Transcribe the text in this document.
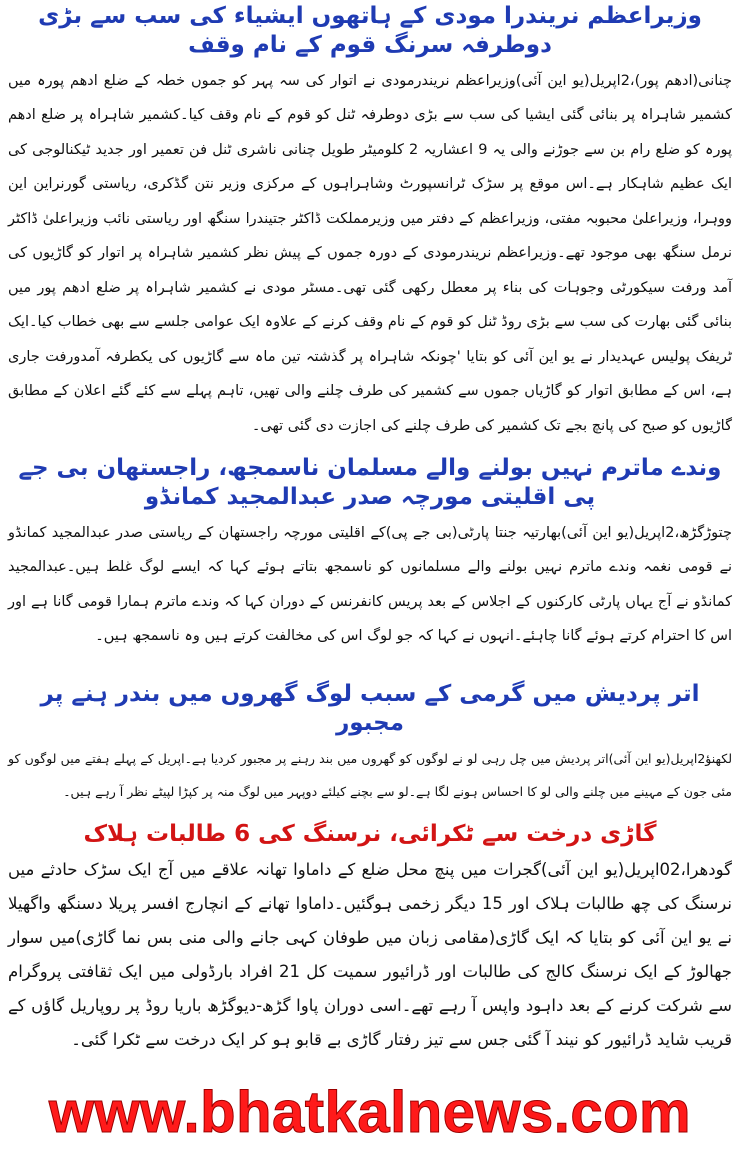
وزیراعظم نریندرا مودی کے ہاتھوں ایشیاء کی سب سے بڑی دوطرفہ سرنگ قوم کے نام وقف

چنانی(ادھم پور)،2اپریل(یو این آئی)وزیراعظم نریندرمودی نے اتوار کی سہ پہر کو جموں خطہ کے ضلع ادھم پورہ میں کشمیر شاہراہ پر بنائی گئی ایشیا کی سب سے بڑی دوطرفہ ٹنل کو قوم کے نام وقف کیا۔کشمیر شاہراہ پر ضلع ادھم پورہ کو ضلع رام بن سے جوڑنے والی یہ 9 اعشاریہ 2 کلومیٹر طویل چنانی ناشری ٹنل فن تعمیر اور جدید ٹیکنالوجی کی ایک عظیم شاہکار ہے۔اس موقع پر سڑک ٹرانسپورٹ وشاہراہوں کے مرکزی وزیر نتن گڈکری، ریاستی گورنراین این ووہرا، وزیراعلیٰ محبوبہ مفتی، وزیراعظم کے دفتر میں وزیرمملکت ڈاکٹر جتیندرا سنگھ اور ریاستی نائب وزیراعلیٰ ڈاکٹر نرمل سنگھ بھی موجود تھے۔وزیراعظم نریندرمودی کے دورہ جموں کے پیش نظر کشمیر شاہراہ پر اتوار کو گاڑیوں کی آمد ورفت سیکورٹی وجوہات کی بناء پر معطل رکھی گئی تھی۔مسٹر مودی نے کشمیر شاہراہ پر ضلع ادھم پور میں بنائی گئی بھارت کی سب سے بڑی روڈ ٹنل کو قوم کے نام وقف کرنے کے علاوہ ایک عوامی جلسے سے بھی خطاب کیا۔ایک ٹریفک پولیس عہدیدار نے یو این آئی کو بتایا 'چونکہ شاہراہ پر گذشتہ تین ماہ سے گاڑیوں کی یکطرفہ آمدورفت جاری ہے، اس کے مطابق اتوار کو گاڑیاں جموں سے کشمیر کی طرف چلنے والی تھیں، تاہم پہلے سے کئے گئے اعلان کے مطابق گاڑیوں کو صبح کی پانچ بجے تک کشمیر کی طرف چلنے کی اجازت دی گئی تھی۔

وندے ماترم نہیں بولنے والے مسلمان ناسمجھ، راجستھان بی جے پی اقلیتی مورچہ صدر عبدالمجید کمانڈو

چتوڑگڑھ،2اپریل(یو این آئی)بھارتیہ جنتا پارٹی(بی جے پی)کے اقلیتی مورچہ راجستھان کے ریاستی صدر عبدالمجید کمانڈو نے قومی نغمہ وندے ماترم نہیں بولنے والے مسلمانوں کو ناسمجھ بتاتے ہوئے کہا کہ ایسے لوگ غلط ہیں۔عبدالمجید کمانڈو نے آج یہاں پارٹی کارکنوں کے اجلاس کے بعد پریس کانفرنس کے دوران کہا کہ وندے ماترم ہمارا قومی گانا ہے اور اس کا احترام کرتے ہوئے گانا چاہئے۔انہوں نے کہا کہ جو لوگ اس کی مخالفت کرتے ہیں وہ ناسمجھ ہیں۔

اتر پردیش میں گرمی کے سبب لوگ گھروں میں بندر ہنے پر مجبور

لکھنؤ2اپریل(یو این آئی)اتر پردیش میں چل رہی لو نے لوگوں کو گھروں میں بند رہنے پر مجبور کردیا ہے۔اپریل کے پہلے ہفتے میں لوگوں کو مئی جون کے مہینے میں چلنے والی لو کا احساس ہونے لگا ہے۔لو سے بچنے کیلئے دوپہر میں لوگ منہ پر کپڑا لپیٹے نظر آ رہے ہیں۔

گاڑی درخت سے ٹکرائی، نرسنگ کی 6 طالبات ہلاک

گودھرا،02اپریل(یو این آئی)گجرات میں پنچ محل ضلع کے داماوا تھانہ علاقے میں آج ایک سڑک حادثے میں نرسنگ کی چھ طالبات ہلاک اور 15 دیگر زخمی ہوگئیں۔داماوا تھانے کے انچارج افسر پریلا دسنگھ واگھیلا نے یو این آئی کو بتایا کہ ایک گاڑی(مقامی زبان میں طوفان کہی جانے والی منی بس نما گاڑی)میں سوار جھالوڑ کے ایک نرسنگ کالج کی طالبات اور ڈرائیور سمیت کل 21 افراد بارڈولی میں ایک ثقافتی پروگرام سے شرکت کرنے کے بعد داہود واپس آ رہے تھے۔اسی دوران پاوا گڑھ-دیوگڑھ باریا روڈ پر روپاریل گاؤں کے قریب شاید ڈرائیور کو نیند آ گئی جس سے تیز رفتار گاڑی بے قابو ہو کر ایک درخت سے ٹکرا گئی۔

www.bhatkalnews.com
